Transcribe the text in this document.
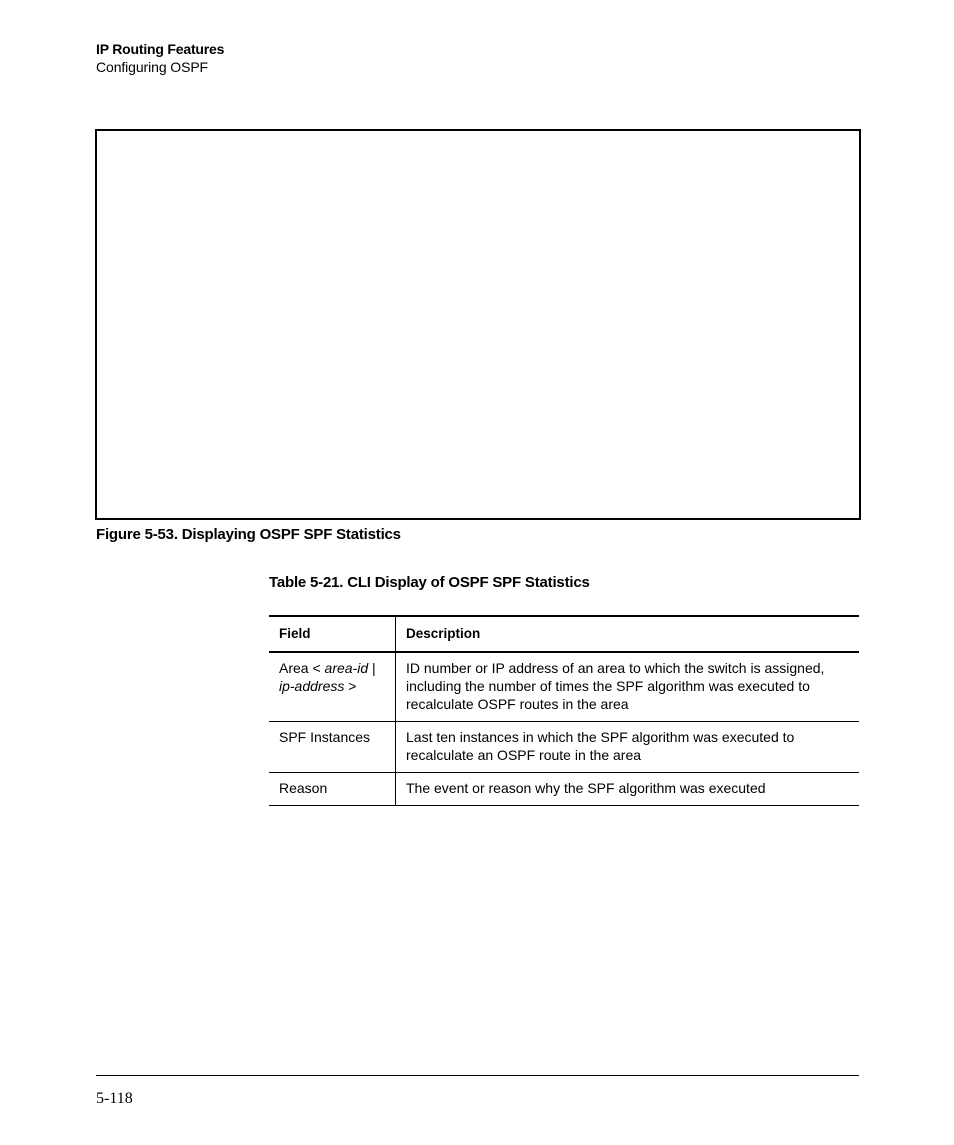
IP Routing Features
Configuring OSPF
Figure 5-53. Displaying OSPF SPF Statistics
Table 5-21. CLI Display of OSPF SPF Statistics
Field	Description
Area < area-id | ip-address >	ID number or IP address of an area to which the switch is assigned, including the number of times the SPF algorithm was executed to recalculate OSPF routes in the area
SPF Instances	Last ten instances in which the SPF algorithm was executed to recalculate an OSPF route in the area
Reason	The event or reason why the SPF algorithm was executed
5-118
